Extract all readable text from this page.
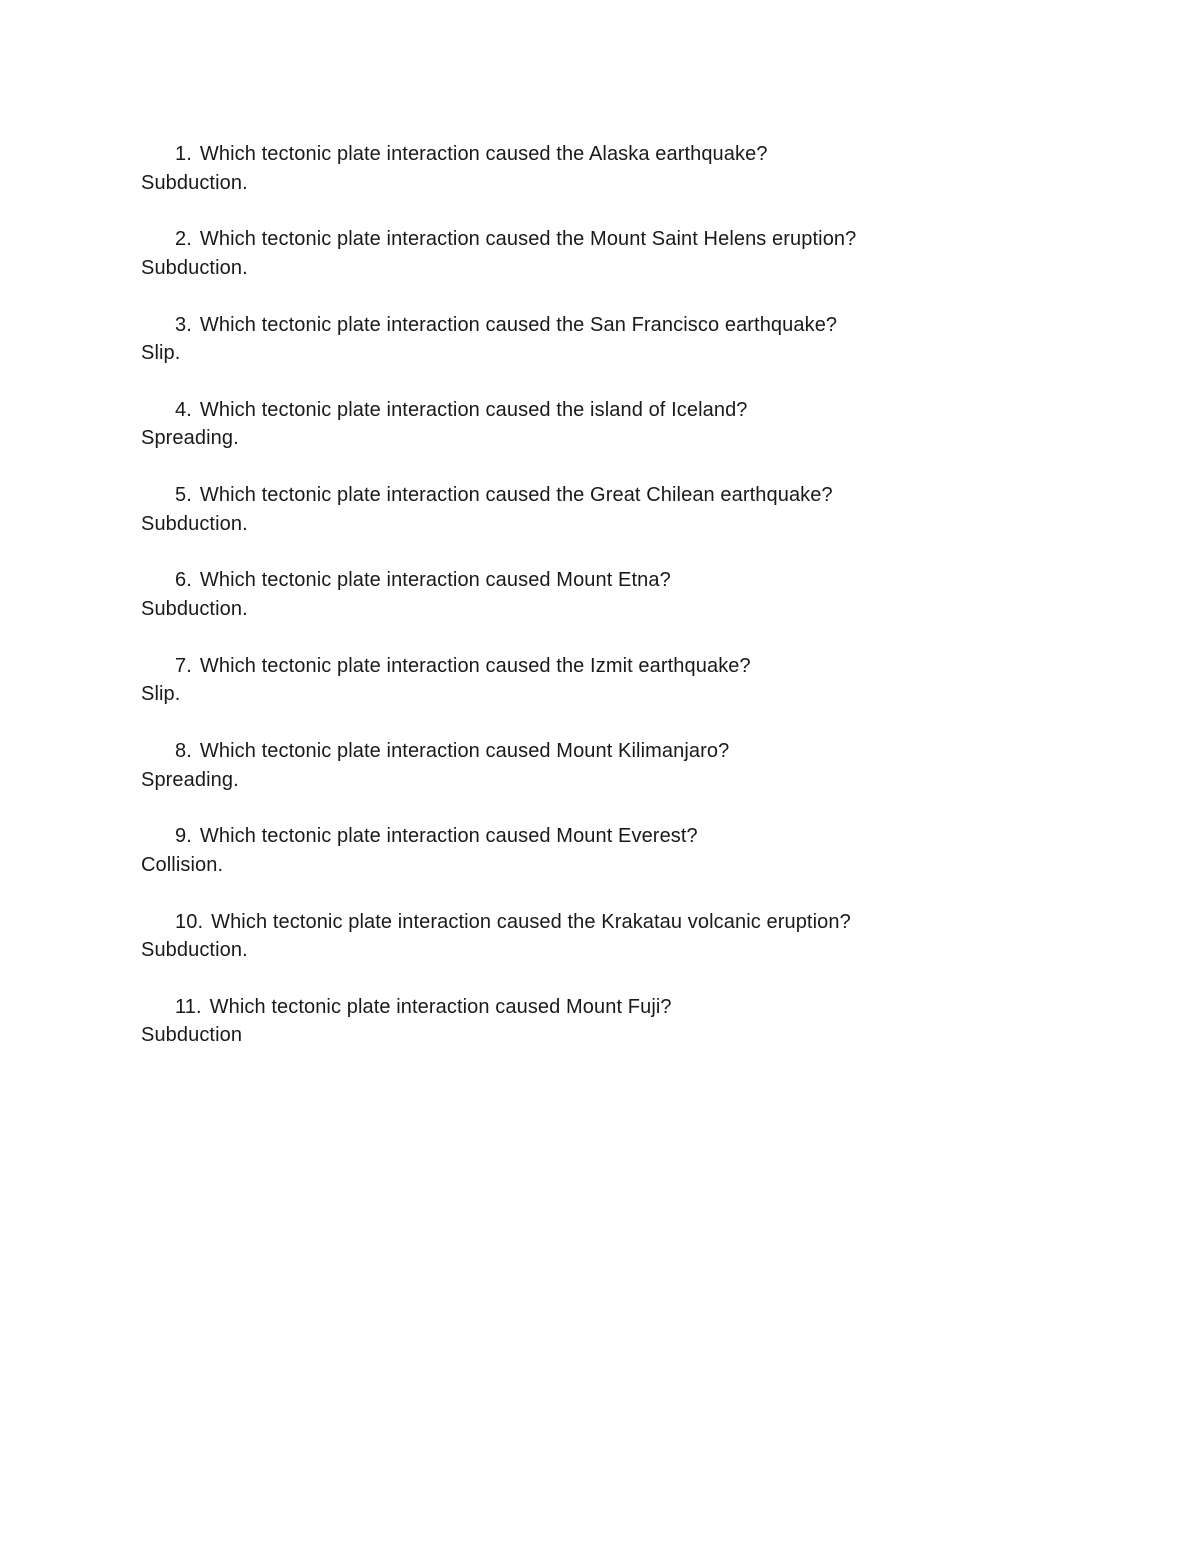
1. Which tectonic plate interaction caused the Alaska earthquake?
Subduction.
2. Which tectonic plate interaction caused the Mount Saint Helens eruption?
Subduction.
3. Which tectonic plate interaction caused the San Francisco earthquake?
Slip.
4. Which tectonic plate interaction caused the island of Iceland?
Spreading.
5. Which tectonic plate interaction caused the Great Chilean earthquake?
Subduction.
6. Which tectonic plate interaction caused Mount Etna?
Subduction.
7. Which tectonic plate interaction caused the Izmit earthquake?
Slip.
8. Which tectonic plate interaction caused Mount Kilimanjaro?
Spreading.
9. Which tectonic plate interaction caused Mount Everest?
Collision.
10. Which tectonic plate interaction caused the Krakatau volcanic eruption?
Subduction.
11. Which tectonic plate interaction caused Mount Fuji?
Subduction
